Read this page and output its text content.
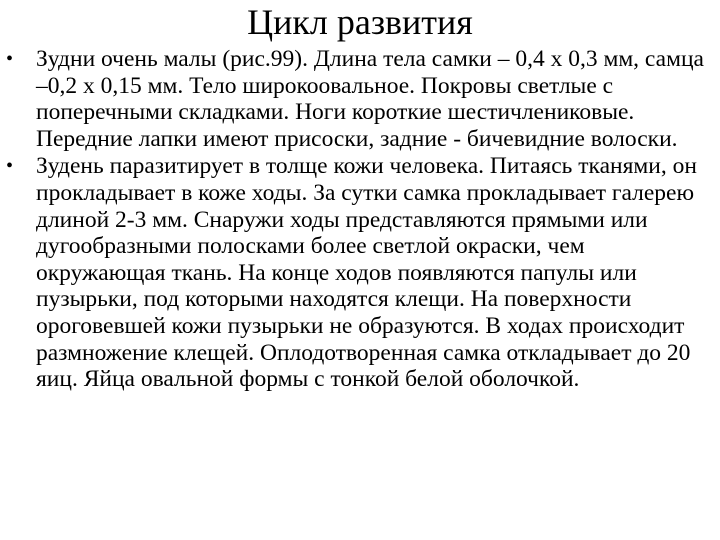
Цикл развития
• Зудни очень малы (рис.99). Длина тела самки – 0,4 х 0,3 мм, самца –0,2 х 0,15 мм. Тело широкоовальное. Покровы светлые с поперечными складками. Ноги короткие шестичлениковые. Передние лапки имеют присоски, задние - бичевидние волоски.
• Зудень паразитирует в толще кожи человека. Питаясь тканями, он прокладывает в коже ходы. За сутки самка прокладывает галерею длиной 2-3 мм. Снаружи ходы представляются прямыми или дугообразными полосками более светлой окраски, чем окружающая ткань. На конце ходов появляются папулы или пузырьки, под которыми находятся клещи. На поверхности ороговевшей кожи пузырьки не образуются. В ходах происходит размножение клещей. Оплодотворенная самка откладывает до 20 яиц. Яйца овальной формы с тонкой белой оболочкой.
